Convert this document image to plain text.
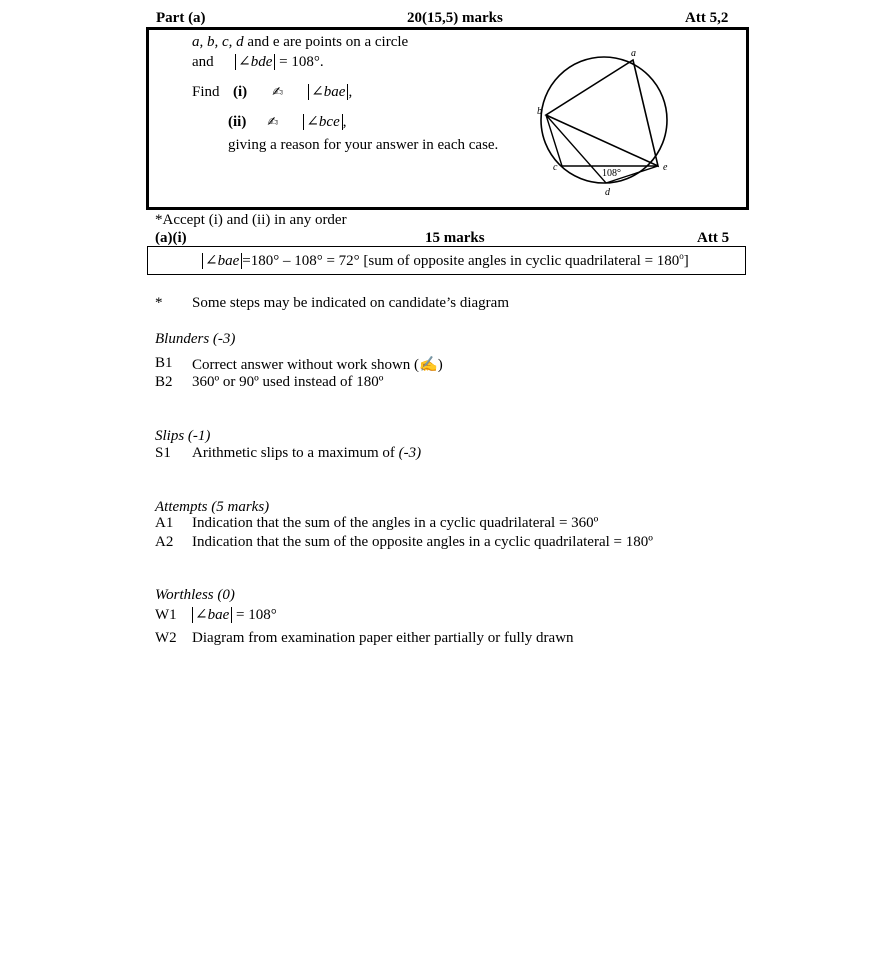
Part (a)	20(15,5) marks	Att 5,2
a, b, c, d and e are points on a circle
and ∠bde = 108°.
Find (i) ✍ ∠bae ,
(ii) ✍ ∠bce ,
giving a reason for your answer in each case.
a
b
c
d
e
108°
*Accept (i) and (ii) in any order
(a)(i)	15 marks	Att 5
∠bae =180° – 108° = 72° [sum of opposite angles in cyclic quadrilateral = $180^o$]
* Some steps may be indicated on candidate’s diagram
Blunders (-3)
B1 Correct answer without work shown (✍)
B2 360º or 90º used instead of 180º
Slips (-1)
S1 Arithmetic slips to a maximum of (-3)
Attempts (5 marks)
A1 Indication that the sum of the angles in a cyclic quadrilateral = 360º
A2 Indication that the sum of the opposite angles in a cyclic quadrilateral = 180º
Worthless (0)
W1 ∠bae = 108°
W2 Diagram from examination paper either partially or fully drawn
